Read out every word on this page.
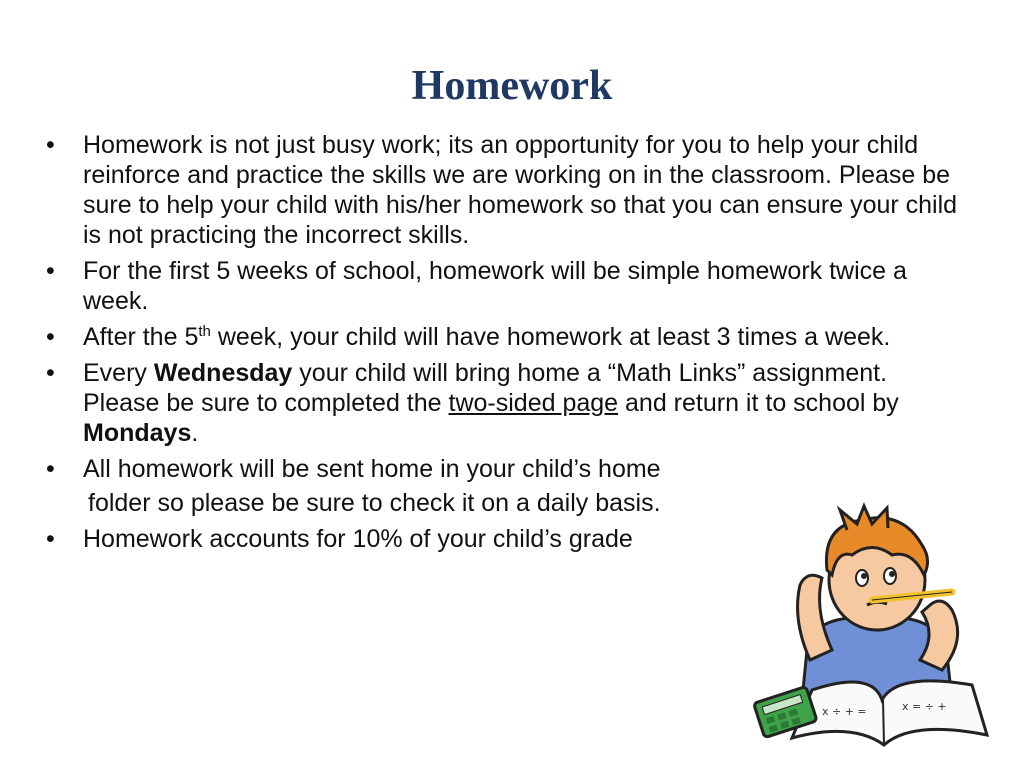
Homework
• Homework is not just busy work; its an opportunity for you to help your child reinforce and practice the skills we are working on in the classroom. Please be sure to help your child with his/her homework so that you can ensure your child is not practicing the incorrect skills.
• For the first 5 weeks of school, homework will be simple homework twice a week.
• After the 5th week, your child will have homework at least 3 times a week.
• Every Wednesday your child will bring home a “Math Links” assignment. Please be sure to completed the two-sided page and return it to school by Mondays.
• All homework will be sent home in your child’s home
folder so please be sure to check it on a daily basis.
• Homework accounts for 10% of your child’s grade
x ÷ + =	x = ÷ +
